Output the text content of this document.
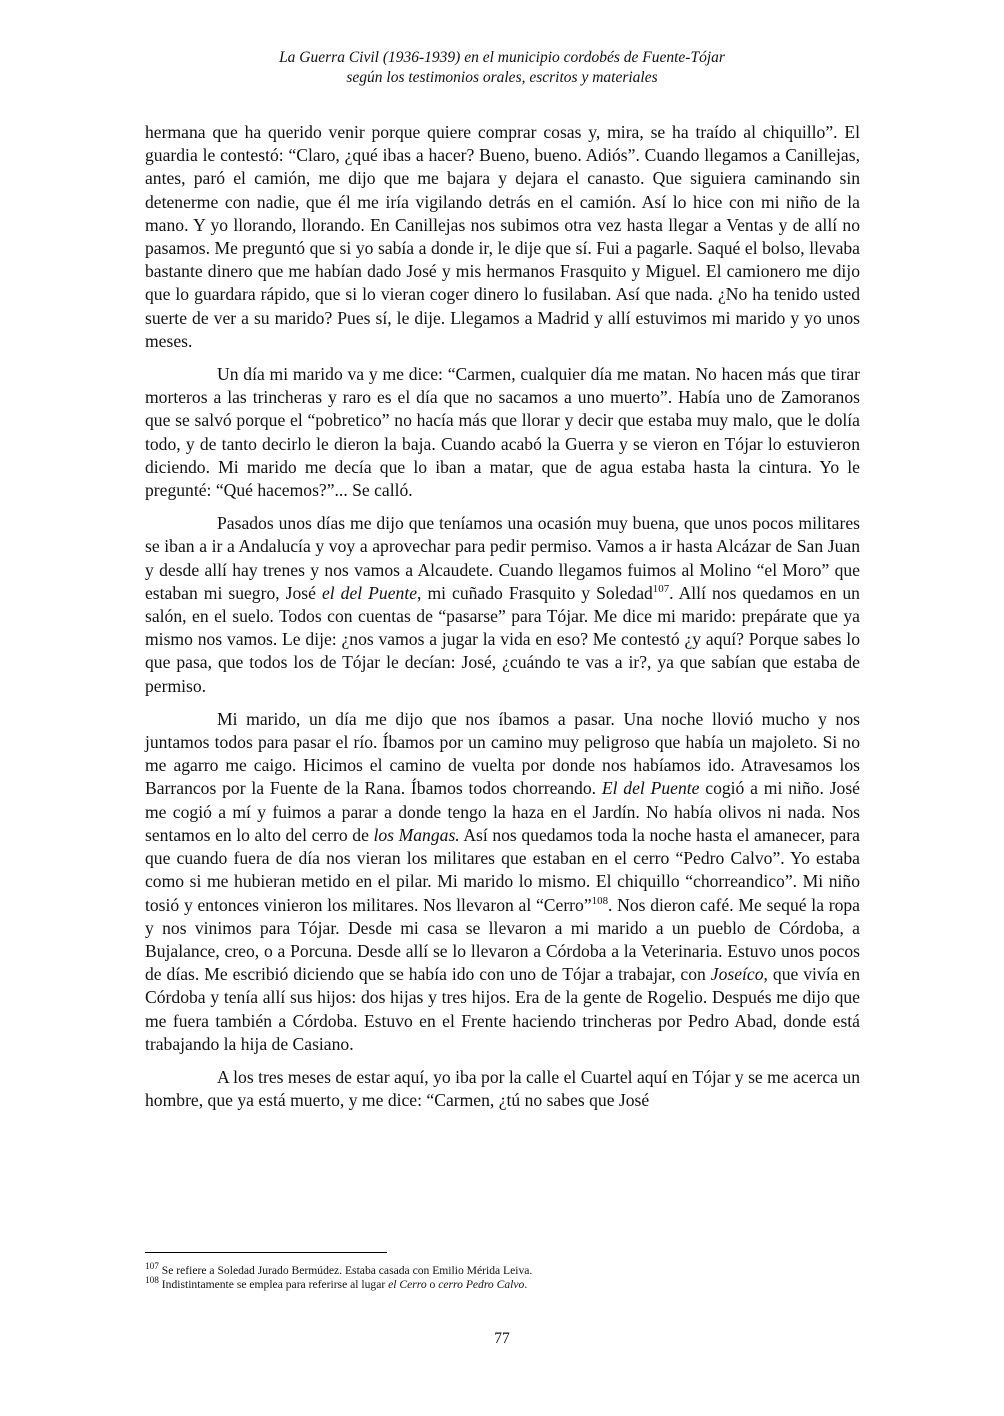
La Guerra Civil (1936-1939) en el municipio cordobés de Fuente-Tójar
según los testimonios orales, escritos y materiales

hermana que ha querido venir porque quiere comprar cosas y, mira, se ha traído al chiquillo”. El guardia le contestó: “Claro, ¿qué ibas a hacer? Bueno, bueno. Adiós”. Cuando llegamos a Canillejas, antes, paró el camión, me dijo que me bajara y dejara el canasto. Que siguiera caminando sin detenerme con nadie, que él me iría vigilando detrás en el camión. Así lo hice con mi niño de la mano. Y yo llorando, llorando. En Canillejas nos subimos otra vez hasta llegar a Ventas y de allí no pasamos. Me preguntó que si yo sabía a donde ir, le dije que sí. Fui a pagarle. Saqué el bolso, llevaba bastante dinero que me habían dado José y mis hermanos Frasquito y Miguel. El camionero me dijo que lo guardara rápido, que si lo vieran coger dinero lo fusilaban. Así que nada. ¿No ha tenido usted suerte de ver a su marido? Pues sí, le dije. Llegamos a Madrid y allí estuvimos mi marido y yo unos meses.

Un día mi marido va y me dice: “Carmen, cualquier día me matan. No hacen más que tirar morteros a las trincheras y raro es el día que no sacamos a uno muerto”. Había uno de Zamoranos que se salvó porque el “pobretico” no hacía más que llorar y decir que estaba muy malo, que le dolía todo, y de tanto decirlo le dieron la baja. Cuando acabó la Guerra y se vieron en Tójar lo estuvieron diciendo. Mi marido me decía que lo iban a matar, que de agua estaba hasta la cintura. Yo le pregunté: “Qué hacemos?”... Se calló.

Pasados unos días me dijo que teníamos una ocasión muy buena, que unos pocos militares se iban a ir a Andalucía y voy a aprovechar para pedir permiso. Vamos a ir hasta Alcázar de San Juan y desde allí hay trenes y nos vamos a Alcaudete. Cuando llegamos fuimos al Molino “el Moro” que estaban mi suegro, José el del Puente, mi cuñado Frasquito y Soledad$^{107}$. Allí nos quedamos en un salón, en el suelo. Todos con cuentas de “pasarse” para Tójar. Me dice mi marido: prepárate que ya mismo nos vamos. Le dije: ¿nos vamos a jugar la vida en eso? Me contestó ¿y aquí? Porque sabes lo que pasa, que todos los de Tójar le decían: José, ¿cuándo te vas a ir?, ya que sabían que estaba de permiso.

Mi marido, un día me dijo que nos íbamos a pasar. Una noche llovió mucho y nos juntamos todos para pasar el río. Íbamos por un camino muy peligroso que había un majoleto. Si no me agarro me caigo. Hicimos el camino de vuelta por donde nos habíamos ido. Atravesamos los Barrancos por la Fuente de la Rana. Íbamos todos chorreando. El del Puente cogió a mi niño. José me cogió a mí y fuimos a parar a donde tengo la haza en el Jardín. No había olivos ni nada. Nos sentamos en lo alto del cerro de los Mangas. Así nos quedamos toda la noche hasta el amanecer, para que cuando fuera de día nos vieran los militares que estaban en el cerro “Pedro Calvo”. Yo estaba como si me hubieran metido en el pilar. Mi marido lo mismo. El chiquillo “chorreandico”. Mi niño tosió y entonces vinieron los militares. Nos llevaron al “Cerro”$^{108}$. Nos dieron café. Me sequé la ropa y nos vinimos para Tójar. Desde mi casa se llevaron a mi marido a un pueblo de Córdoba, a Bujalance, creo, o a Porcuna. Desde allí se lo llevaron a Córdoba a la Veterinaria. Estuvo unos pocos de días. Me escribió diciendo que se había ido con uno de Tójar a trabajar, con Joseíco, que vivía en Córdoba y tenía allí sus hijos: dos hijas y tres hijos. Era de la gente de Rogelio. Después me dijo que me fuera también a Córdoba. Estuvo en el Frente haciendo trincheras por Pedro Abad, donde está trabajando la hija de Casiano.

A los tres meses de estar aquí, yo iba por la calle el Cuartel aquí en Tójar y se me acerca un hombre, que ya está muerto, y me dice: “Carmen, ¿tú no sabes que José

$^{107}$ Se refiere a Soledad Jurado Bermúdez. Estaba casada con Emilio Mérida Leiva.

$^{108}$ Indistintamente se emplea para referirse al lugar el Cerro o cerro Pedro Calvo.

77
